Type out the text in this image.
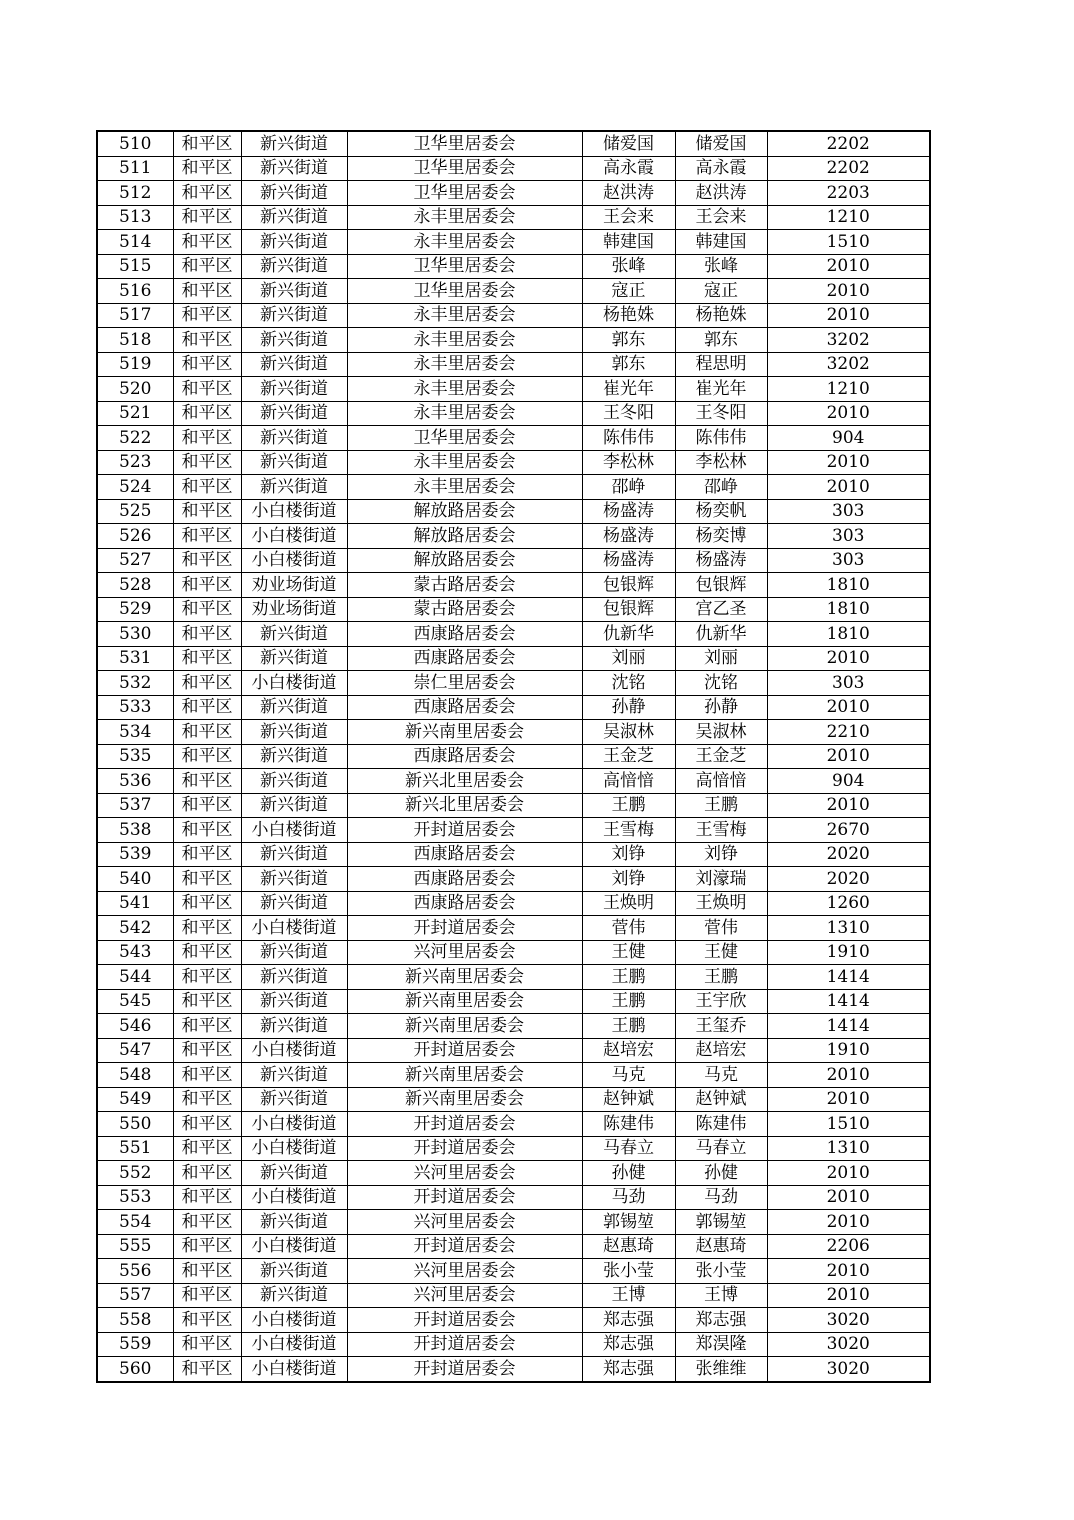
510	和平区	新兴街道	卫华里居委会	储爱国	储爱国	2202
511	和平区	新兴街道	卫华里居委会	高永霞	高永霞	2202
512	和平区	新兴街道	卫华里居委会	赵洪涛	赵洪涛	2203
513	和平区	新兴街道	永丰里居委会	王会来	王会来	1210
514	和平区	新兴街道	永丰里居委会	韩建国	韩建国	1510
515	和平区	新兴街道	卫华里居委会	张峰	张峰	2010
516	和平区	新兴街道	卫华里居委会	寇正	寇正	2010
517	和平区	新兴街道	永丰里居委会	杨艳姝	杨艳姝	2010
518	和平区	新兴街道	永丰里居委会	郭东	郭东	3202
519	和平区	新兴街道	永丰里居委会	郭东	程思明	3202
520	和平区	新兴街道	永丰里居委会	崔光年	崔光年	1210
521	和平区	新兴街道	永丰里居委会	王冬阳	王冬阳	2010
522	和平区	新兴街道	卫华里居委会	陈伟伟	陈伟伟	904
523	和平区	新兴街道	永丰里居委会	李松林	李松林	2010
524	和平区	新兴街道	永丰里居委会	邵峥	邵峥	2010
525	和平区	小白楼街道	解放路居委会	杨盛涛	杨奕帆	303
526	和平区	小白楼街道	解放路居委会	杨盛涛	杨奕博	303
527	和平区	小白楼街道	解放路居委会	杨盛涛	杨盛涛	303
528	和平区	劝业场街道	蒙古路居委会	包银辉	包银辉	1810
529	和平区	劝业场街道	蒙古路居委会	包银辉	宫乙圣	1810
530	和平区	新兴街道	西康路居委会	仇新华	仇新华	1810
531	和平区	新兴街道	西康路居委会	刘丽	刘丽	2010
532	和平区	小白楼街道	崇仁里居委会	沈铭	沈铭	303
533	和平区	新兴街道	西康路居委会	孙静	孙静	2010
534	和平区	新兴街道	新兴南里居委会	吴淑林	吴淑林	2210
535	和平区	新兴街道	西康路居委会	王金芝	王金芝	2010
536	和平区	新兴街道	新兴北里居委会	高愔愔	高愔愔	904
537	和平区	新兴街道	新兴北里居委会	王鹏	王鹏	2010
538	和平区	小白楼街道	开封道居委会	王雪梅	王雪梅	2670
539	和平区	新兴街道	西康路居委会	刘铮	刘铮	2020
540	和平区	新兴街道	西康路居委会	刘铮	刘濠瑞	2020
541	和平区	新兴街道	西康路居委会	王焕明	王焕明	1260
542	和平区	小白楼街道	开封道居委会	菅伟	菅伟	1310
543	和平区	新兴街道	兴河里居委会	王健	王健	1910
544	和平区	新兴街道	新兴南里居委会	王鹏	王鹏	1414
545	和平区	新兴街道	新兴南里居委会	王鹏	王宇欣	1414
546	和平区	新兴街道	新兴南里居委会	王鹏	王玺乔	1414
547	和平区	小白楼街道	开封道居委会	赵培宏	赵培宏	1910
548	和平区	新兴街道	新兴南里居委会	马克	马克	2010
549	和平区	新兴街道	新兴南里居委会	赵钟斌	赵钟斌	2010
550	和平区	小白楼街道	开封道居委会	陈建伟	陈建伟	1510
551	和平区	小白楼街道	开封道居委会	马春立	马春立	1310
552	和平区	新兴街道	兴河里居委会	孙健	孙健	2010
553	和平区	小白楼街道	开封道居委会	马劲	马劲	2010
554	和平区	新兴街道	兴河里居委会	郭锡堃	郭锡堃	2010
555	和平区	小白楼街道	开封道居委会	赵惠琦	赵惠琦	2206
556	和平区	新兴街道	兴河里居委会	张小莹	张小莹	2010
557	和平区	新兴街道	兴河里居委会	王博	王博	2010
558	和平区	小白楼街道	开封道居委会	郑志强	郑志强	3020
559	和平区	小白楼街道	开封道居委会	郑志强	郑淏隆	3020
560	和平区	小白楼街道	开封道居委会	郑志强	张维维	3020
